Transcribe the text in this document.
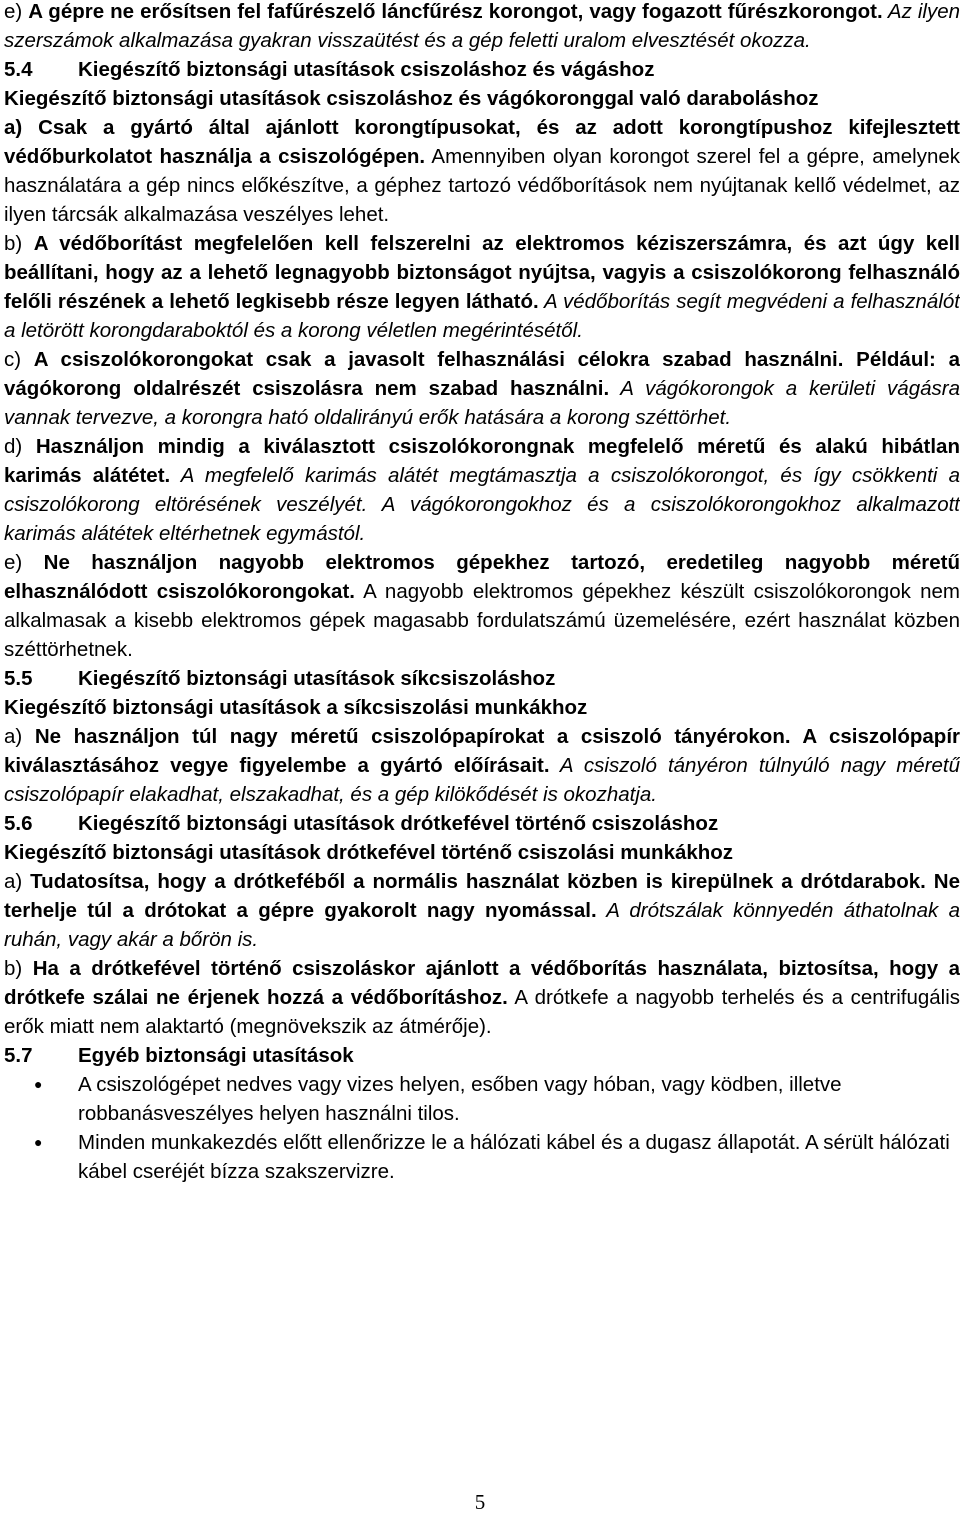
e) A gépre ne erősítsen fel fafűrészelő láncfűrész korongot, vagy fogazott fűrészkorongot. Az ilyen szerszámok alkalmazása gyakran visszaütést és a gép feletti uralom elvesztését okozza.

5.4	Kiegészítő biztonsági utasítások csiszoláshoz és vágáshoz

Kiegészítő biztonsági utasítások csiszoláshoz és vágókoronggal való daraboláshoz

a) Csak a gyártó által ajánlott korongtípusokat, és az adott korongtípushoz kifejlesztett védőburkolatot használja a csiszológépen. Amennyiben olyan korongot szerel fel a gépre, amelynek használatára a gép nincs előkészítve, a géphez tartozó védőborítások nem nyújtanak kellő védelmet, az ilyen tárcsák alkalmazása veszélyes lehet.

b) A védőborítást megfelelően kell felszerelni az elektromos kéziszerszámra, és azt úgy kell beállítani, hogy az a lehető legnagyobb biztonságot nyújtsa, vagyis a csiszolókorong felhasználó felőli részének a lehető legkisebb része legyen látható. A védőborítás segít megvédeni a felhasználót a letörött korongdaraboktól és a korong véletlen megérintésétől.

c) A csiszolókorongokat csak a javasolt felhasználási célokra szabad használni. Például: a vágókorong oldalrészét csiszolásra nem szabad használni. A vágókorongok a kerületi vágásra vannak tervezve, a korongra ható oldalirányú erők hatására a korong széttörhet.

d) Használjon mindig a kiválasztott csiszolókorongnak megfelelő méretű és alakú hibátlan karimás alátétet. A megfelelő karimás alátét megtámasztja a csiszolókorongot, és így csökkenti a csiszolókorong eltörésének veszélyét. A vágókorongokhoz és a csiszolókorongokhoz alkalmazott karimás alátétek eltérhetnek egymástól.

e) Ne használjon nagyobb elektromos gépekhez tartozó, eredetileg nagyobb méretű elhasználódott csiszolókorongokat. A nagyobb elektromos gépekhez készült csiszolókorongok nem alkalmasak a kisebb elektromos gépek magasabb fordulatszámú üzemelésére, ezért használat közben széttörhetnek.

5.5	Kiegészítő biztonsági utasítások síkcsiszoláshoz

Kiegészítő biztonsági utasítások a síkcsiszolási munkákhoz

a) Ne használjon túl nagy méretű csiszolópapírokat a csiszoló tányérokon. A csiszolópapír kiválasztásához vegye figyelembe a gyártó előírásait. A csiszoló tányéron túlnyúló nagy méretű csiszolópapír elakadhat, elszakadhat, és a gép kilökődését is okozhatja.

5.6	Kiegészítő biztonsági utasítások drótkefével történő csiszoláshoz

Kiegészítő biztonsági utasítások drótkefével történő csiszolási munkákhoz

a) Tudatosítsa, hogy a drótkeféből a normális használat közben is kirepülnek a drótdarabok. Ne terhelje túl a drótokat a gépre gyakorolt nagy nyomással. A drótszálak könnyedén áthatolnak a ruhán, vagy akár a bőrön is.

b) Ha a drótkefével történő csiszoláskor ajánlott a védőborítás használata, biztosítsa, hogy a drótkefe szálai ne érjenek hozzá a védőborításhoz. A drótkefe a nagyobb terhelés és a centrifugális erők miatt nem alaktartó (megnövekszik az átmérője).

5.7	Egyéb biztonsági utasítások
● A csiszológépet nedves vagy vizes helyen, esőben vagy hóban, vagy ködben, illetve robbanásveszélyes helyen használni tilos.
● Minden munkakezdés előtt ellenőrizze le a hálózati kábel és a dugasz állapotát. A sérült hálózati kábel cseréjét bízza szakszervizre.
5
